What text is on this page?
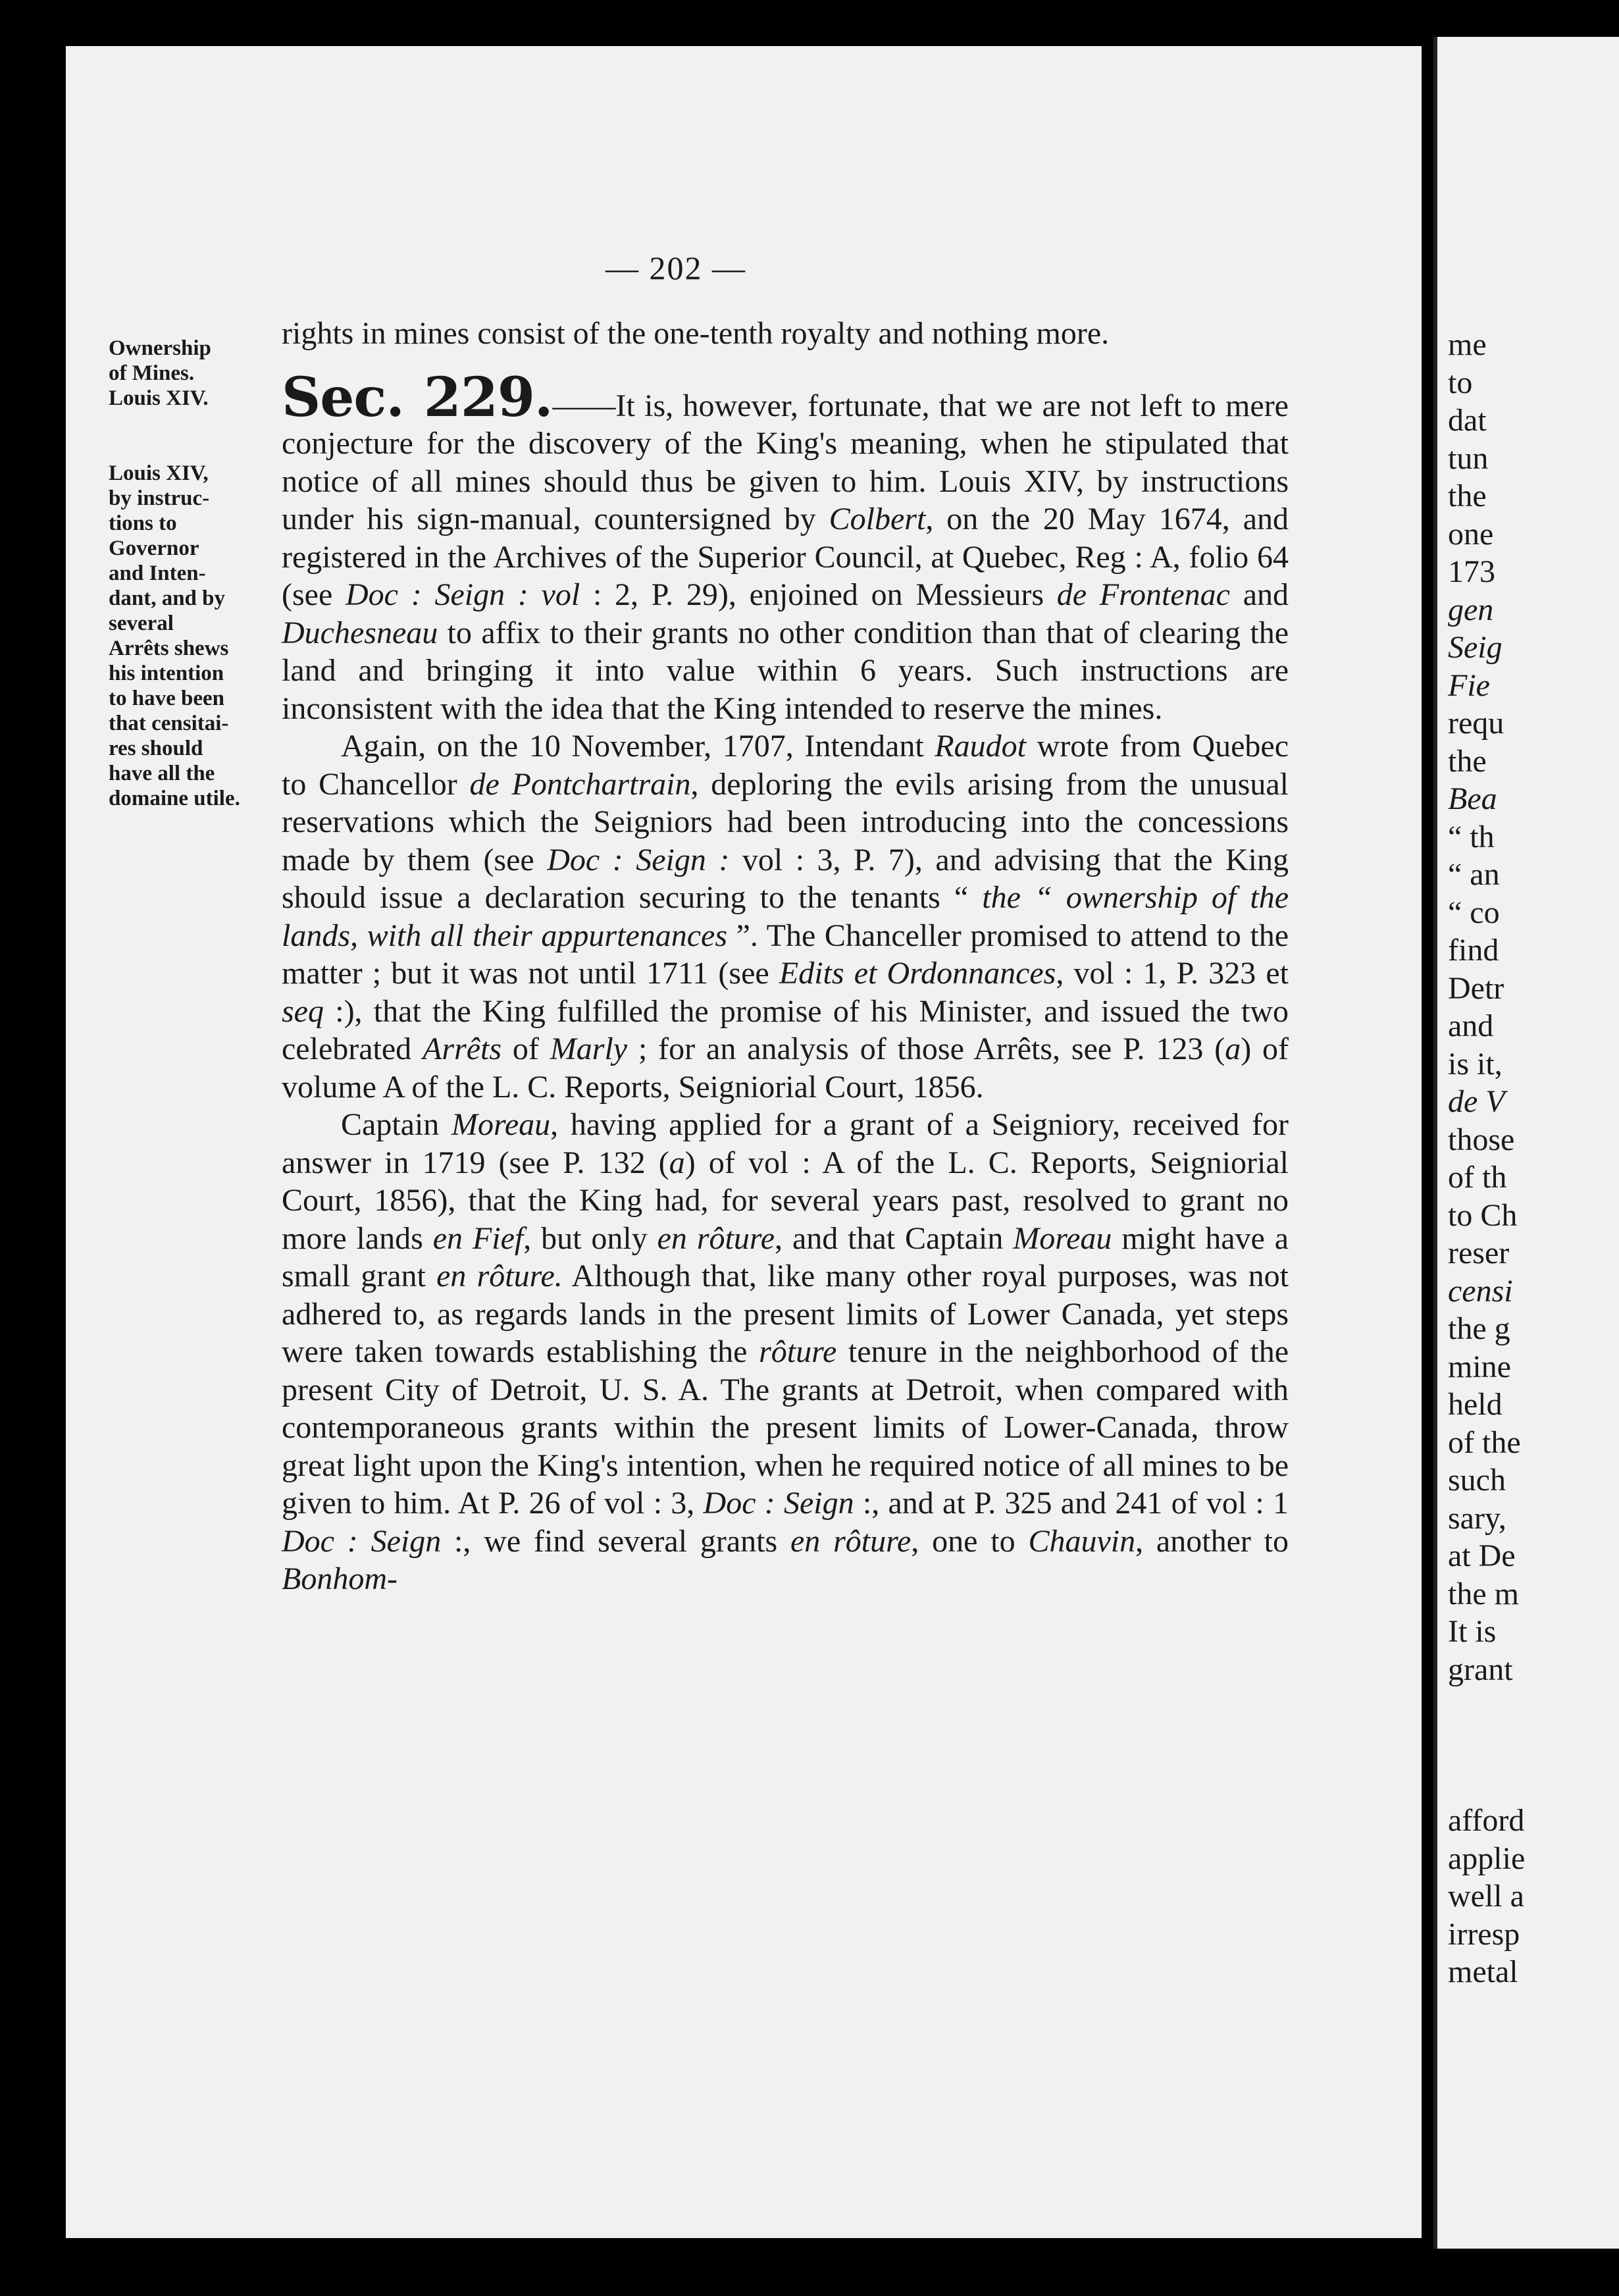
— 202 —
Ownership
of Mines.
Louis XIV.
Louis XIV,
by instruc-
tions to
Governor
and Inten-
dant, and by
several
Arrêts shews
his intention
to have been
that censitai-
res should
have all the
domaine utile.

rights in mines consist of the one-tenth royalty and nothing more.

Sec. 229.——It is, however, fortunate, that we are not left to mere conjecture for the discovery of the King's meaning, when he stipulated that notice of all mines should thus be given to him. Louis XIV, by instructions under his sign-manual, countersigned by Colbert, on the 20 May 1674, and registered in the Archives of the Superior Council, at Quebec, Reg : A, folio 64 (see Doc : Seign : vol : 2, P. 29), enjoined on Messieurs de Frontenac and Duchesneau to affix to their grants no other condition than that of clearing the land and bringing it into value within 6 years. Such instructions are inconsistent with the idea that the King intended to reserve the mines.

Again, on the 10 November, 1707, Intendant Raudot wrote from Quebec to Chancellor de Pontchartrain, deploring the evils arising from the unusual reservations which the Seigniors had been introducing into the concessions made by them (see Doc : Seign : vol : 3, P. 7), and advising that the King should issue a declaration securing to the tenants “ the “ ownership of the lands, with all their appurtenances ”. The Chanceller promised to attend to the matter ; but it was not until 1711 (see Edits et Ordonnances, vol : 1, P. 323 et seq :), that the King fulfilled the promise of his Minister, and issued the two celebrated Arrêts of Marly ; for an analysis of those Arrêts, see P. 123 (a) of volume A of the L. C. Reports, Seigniorial Court, 1856.

Captain Moreau, having applied for a grant of a Seigniory, received for answer in 1719 (see P. 132 (a) of vol : A of the L. C. Reports, Seigniorial Court, 1856), that the King had, for several years past, resolved to grant no more lands en Fief, but only en rôture, and that Captain Moreau might have a small grant en rôture. Although that, like many other royal purposes, was not adhered to, as regards lands in the present limits of Lower Canada, yet steps were taken towards establishing the rôture tenure in the neighborhood of the present City of Detroit, U. S. A. The grants at Detroit, when compared with contemporaneous grants within the present limits of Lower-Canada, throw great light upon the King's intention, when he required notice of all mines to be given to him. At P. 26 of vol : 3, Doc : Seign :, and at P. 325 and 241 of vol : 1 Doc : Seign :, we find several grants en rôture, one to Chauvin, another to Bonhom-

me
to
dat
tun
the
one
173
gen
Seig
Fie
requ
the
Bea
“ th
“ an
“ co
find
Detr
and
is it,
de V
those
of th
to Ch
reser
censi
the g
mine
held
of the
such
sary,
at De
the m
It is
grant
afford
applie
well a
irresp
metal
